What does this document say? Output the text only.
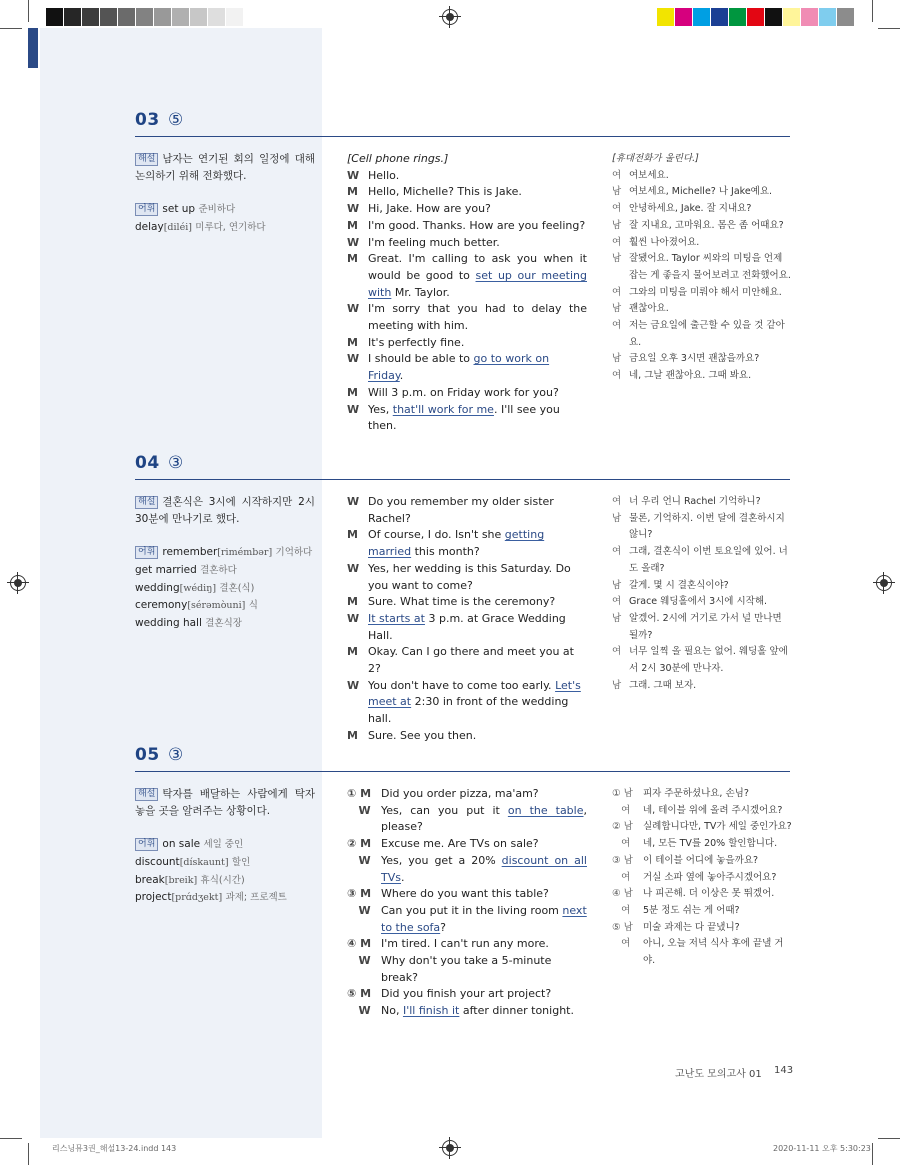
03 ⑤
해설 남자는 연기된 회의 일정에 대해 논의하기 위해 전화했다.
어휘 set up 준비하다
delay[diléi] 미루다, 연기하다
[Cell phone rings.]
W Hello.
M Hello, Michelle? This is Jake.
W Hi, Jake. How are you?
M I'm good. Thanks. How are you feeling?
W I'm feeling much better.
M Great. I'm calling to ask you when it would be good to set up our meeting with Mr. Taylor.
W I'm sorry that you had to delay the meeting with him.
M It's perfectly fine.
W I should be able to go to work on Friday.
M Will 3 p.m. on Friday work for you?
W Yes, that'll work for me. I'll see you then.
[휴대전화가 울린다.]
여 여보세요.
남 여보세요, Michelle? 나 Jake예요.
여 안녕하세요, Jake. 잘 지내요?
남 잘 지내요, 고마워요. 몸은 좀 어때요?
여 훨씬 나아졌어요.
남 잘됐어요. Taylor 씨와의 미팅을 언제 잡는 게 좋을지 물어보려고 전화했어요.
여 그와의 미팅을 미뤄야 해서 미안해요.
남 괜찮아요.
여 저는 금요일에 출근할 수 있을 것 같아요.
남 금요일 오후 3시면 괜찮을까요?
여 네, 그날 괜찮아요. 그때 봐요.
04 ③
해설 결혼식은 3시에 시작하지만 2시 30분에 만나기로 했다.
어휘 remember[rimémbər] 기억하다
get married 결혼하다
wedding[wédiŋ] 결혼(식)
ceremony[sérəmòuni] 식
wedding hall 결혼식장
W Do you remember my older sister Rachel?
M Of course, I do. Isn't she getting married this month?
W Yes, her wedding is this Saturday. Do you want to come?
M Sure. What time is the ceremony?
W It starts at 3 p.m. at Grace Wedding Hall.
M Okay. Can I go there and meet you at 2?
W You don't have to come too early. Let's meet at 2:30 in front of the wedding hall.
M Sure. See you then.
여 너 우리 언니 Rachel 기억하니?
남 물론, 기억하지. 이번 달에 결혼하시지 않니?
여 그래, 결혼식이 이번 토요일에 있어. 너도 올래?
남 갈게. 몇 시 결혼식이야?
여 Grace 웨딩홀에서 3시에 시작해.
남 알겠어. 2시에 거기로 가서 널 만나면 될까?
여 너무 일찍 올 필요는 없어. 웨딩홀 앞에서 2시 30분에 만나자.
남 그래. 그때 보자.
05 ③
해설 탁자를 배달하는 사람에게 탁자 놓을 곳을 알려주는 상황이다.
어휘 on sale 세일 중인
discount[dískaunt] 할인
break[breik] 휴식(시간)
project[prɑ́dʒekt] 과제; 프로젝트
① M Did you order pizza, ma'am?
W Yes, can you put it on the table, please?
② M Excuse me. Are TVs on sale?
W Yes, you get a 20% discount on all TVs.
③ M Where do you want this table?
W Can you put it in the living room next to the sofa?
④ M I'm tired. I can't run any more.
W Why don't you take a 5-minute break?
⑤ M Did you finish your art project?
W No, I'll finish it after dinner tonight.
① 남	피자 주문하셨나요, 손님?
여	네, 테이블 위에 올려 주시겠어요?
② 남	실례합니다만, TV가 세일 중인가요?
여	네, 모든 TV를 20% 할인합니다.
③ 남	이 테이블 어디에 놓을까요?
여	거실 소파 옆에 놓아주시겠어요?
④ 남	나 피곤해. 더 이상은 못 뛰겠어.
여	5분 정도 쉬는 게 어때?
⑤ 남	미술 과제는 다 끝냈니?
여	아니, 오늘 저녁 식사 후에 끝낼 거야.
고난도 모의고사 01 143
리스닝뮤3권_해설13-24.indd 143	2020-11-11 오후 5:30:23
